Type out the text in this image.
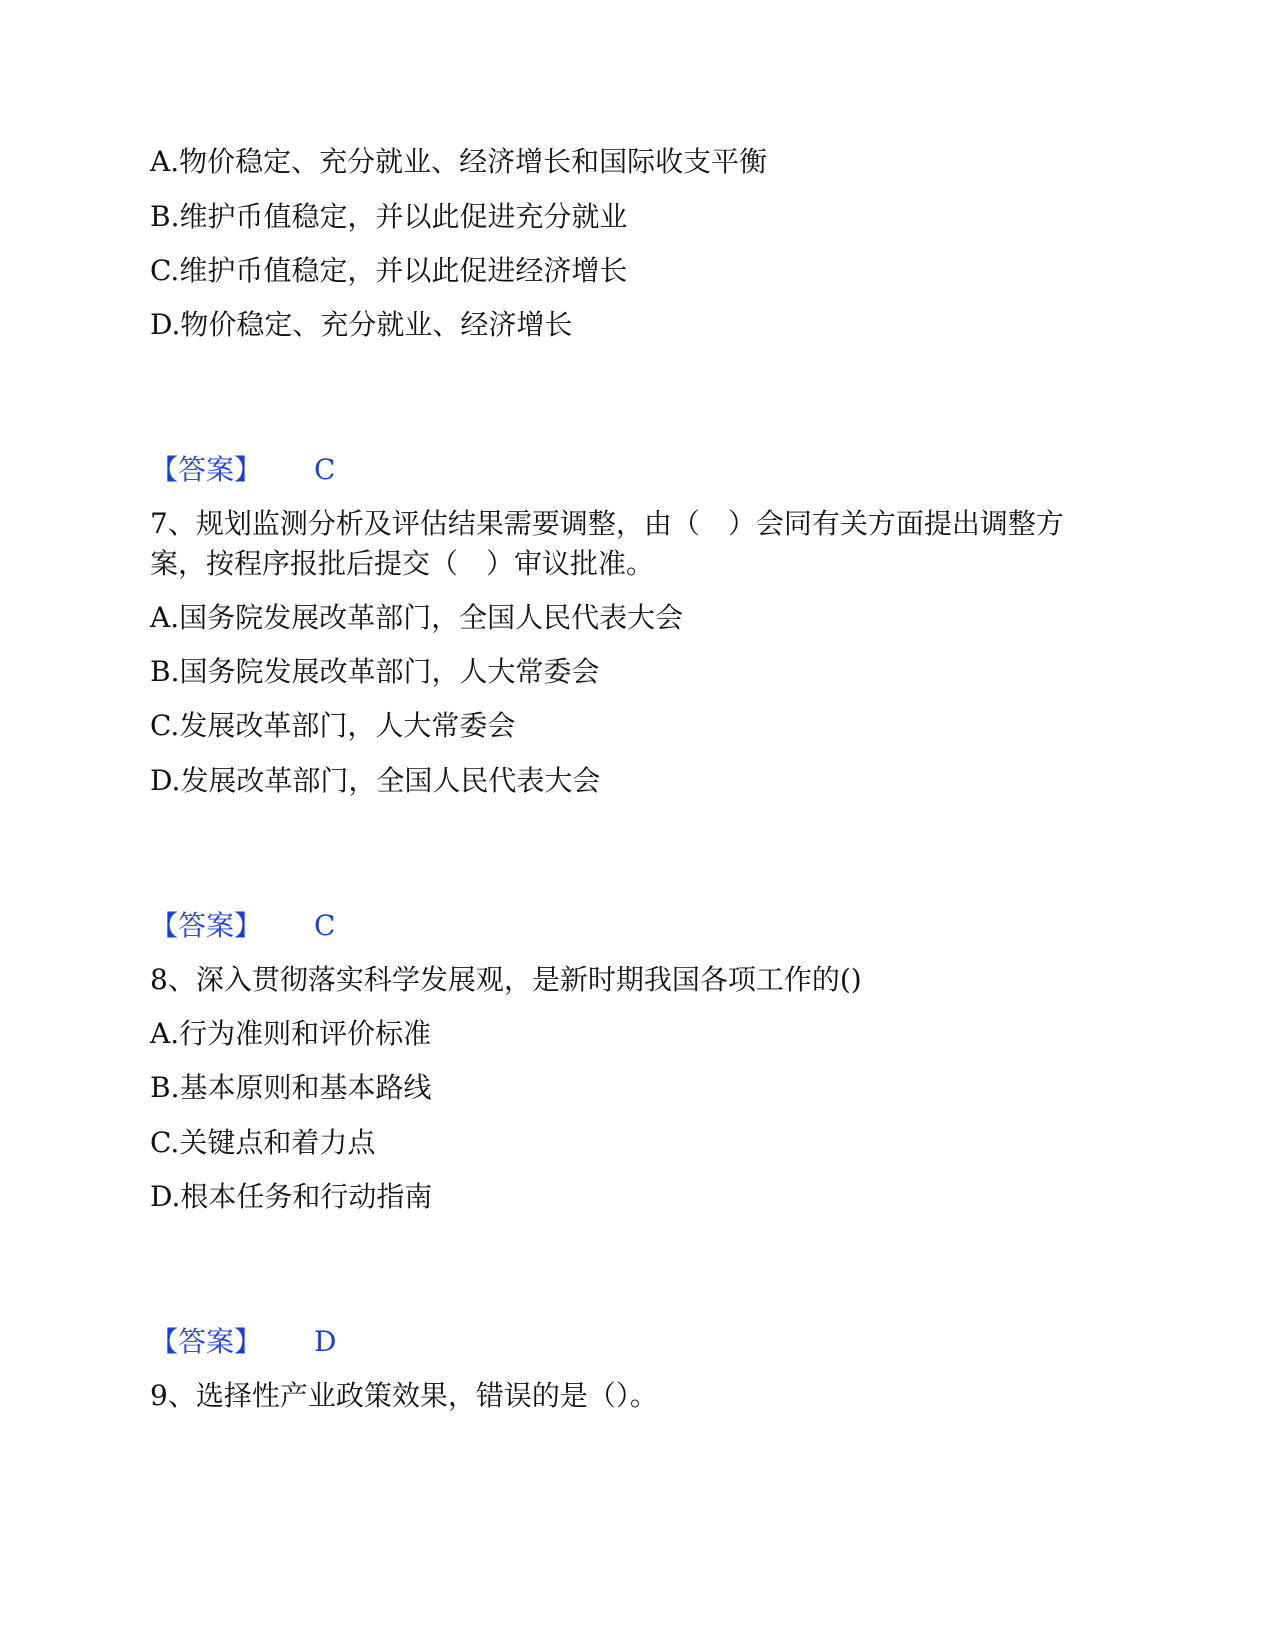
A.物价稳定、充分就业、经济增长和国际收支平衡
B.维护币值稳定，并以此促进充分就业
C.维护币值稳定，并以此促进经济增长
D.物价稳定、充分就业、经济增长
【答案】 C
7、规划监测分析及评估结果需要调整，由（　）会同有关方面提出调整方
案，按程序报批后提交（　）审议批准。
A.国务院发展改革部门，全国人民代表大会
B.国务院发展改革部门，人大常委会
C.发展改革部门，人大常委会
D.发展改革部门，全国人民代表大会
【答案】 C
8、深入贯彻落实科学发展观，是新时期我国各项工作的()
A.行为准则和评价标准
B.基本原则和基本路线
C.关键点和着力点
D.根本任务和行动指南
【答案】 D
9、选择性产业政策效果，错误的是（）。
